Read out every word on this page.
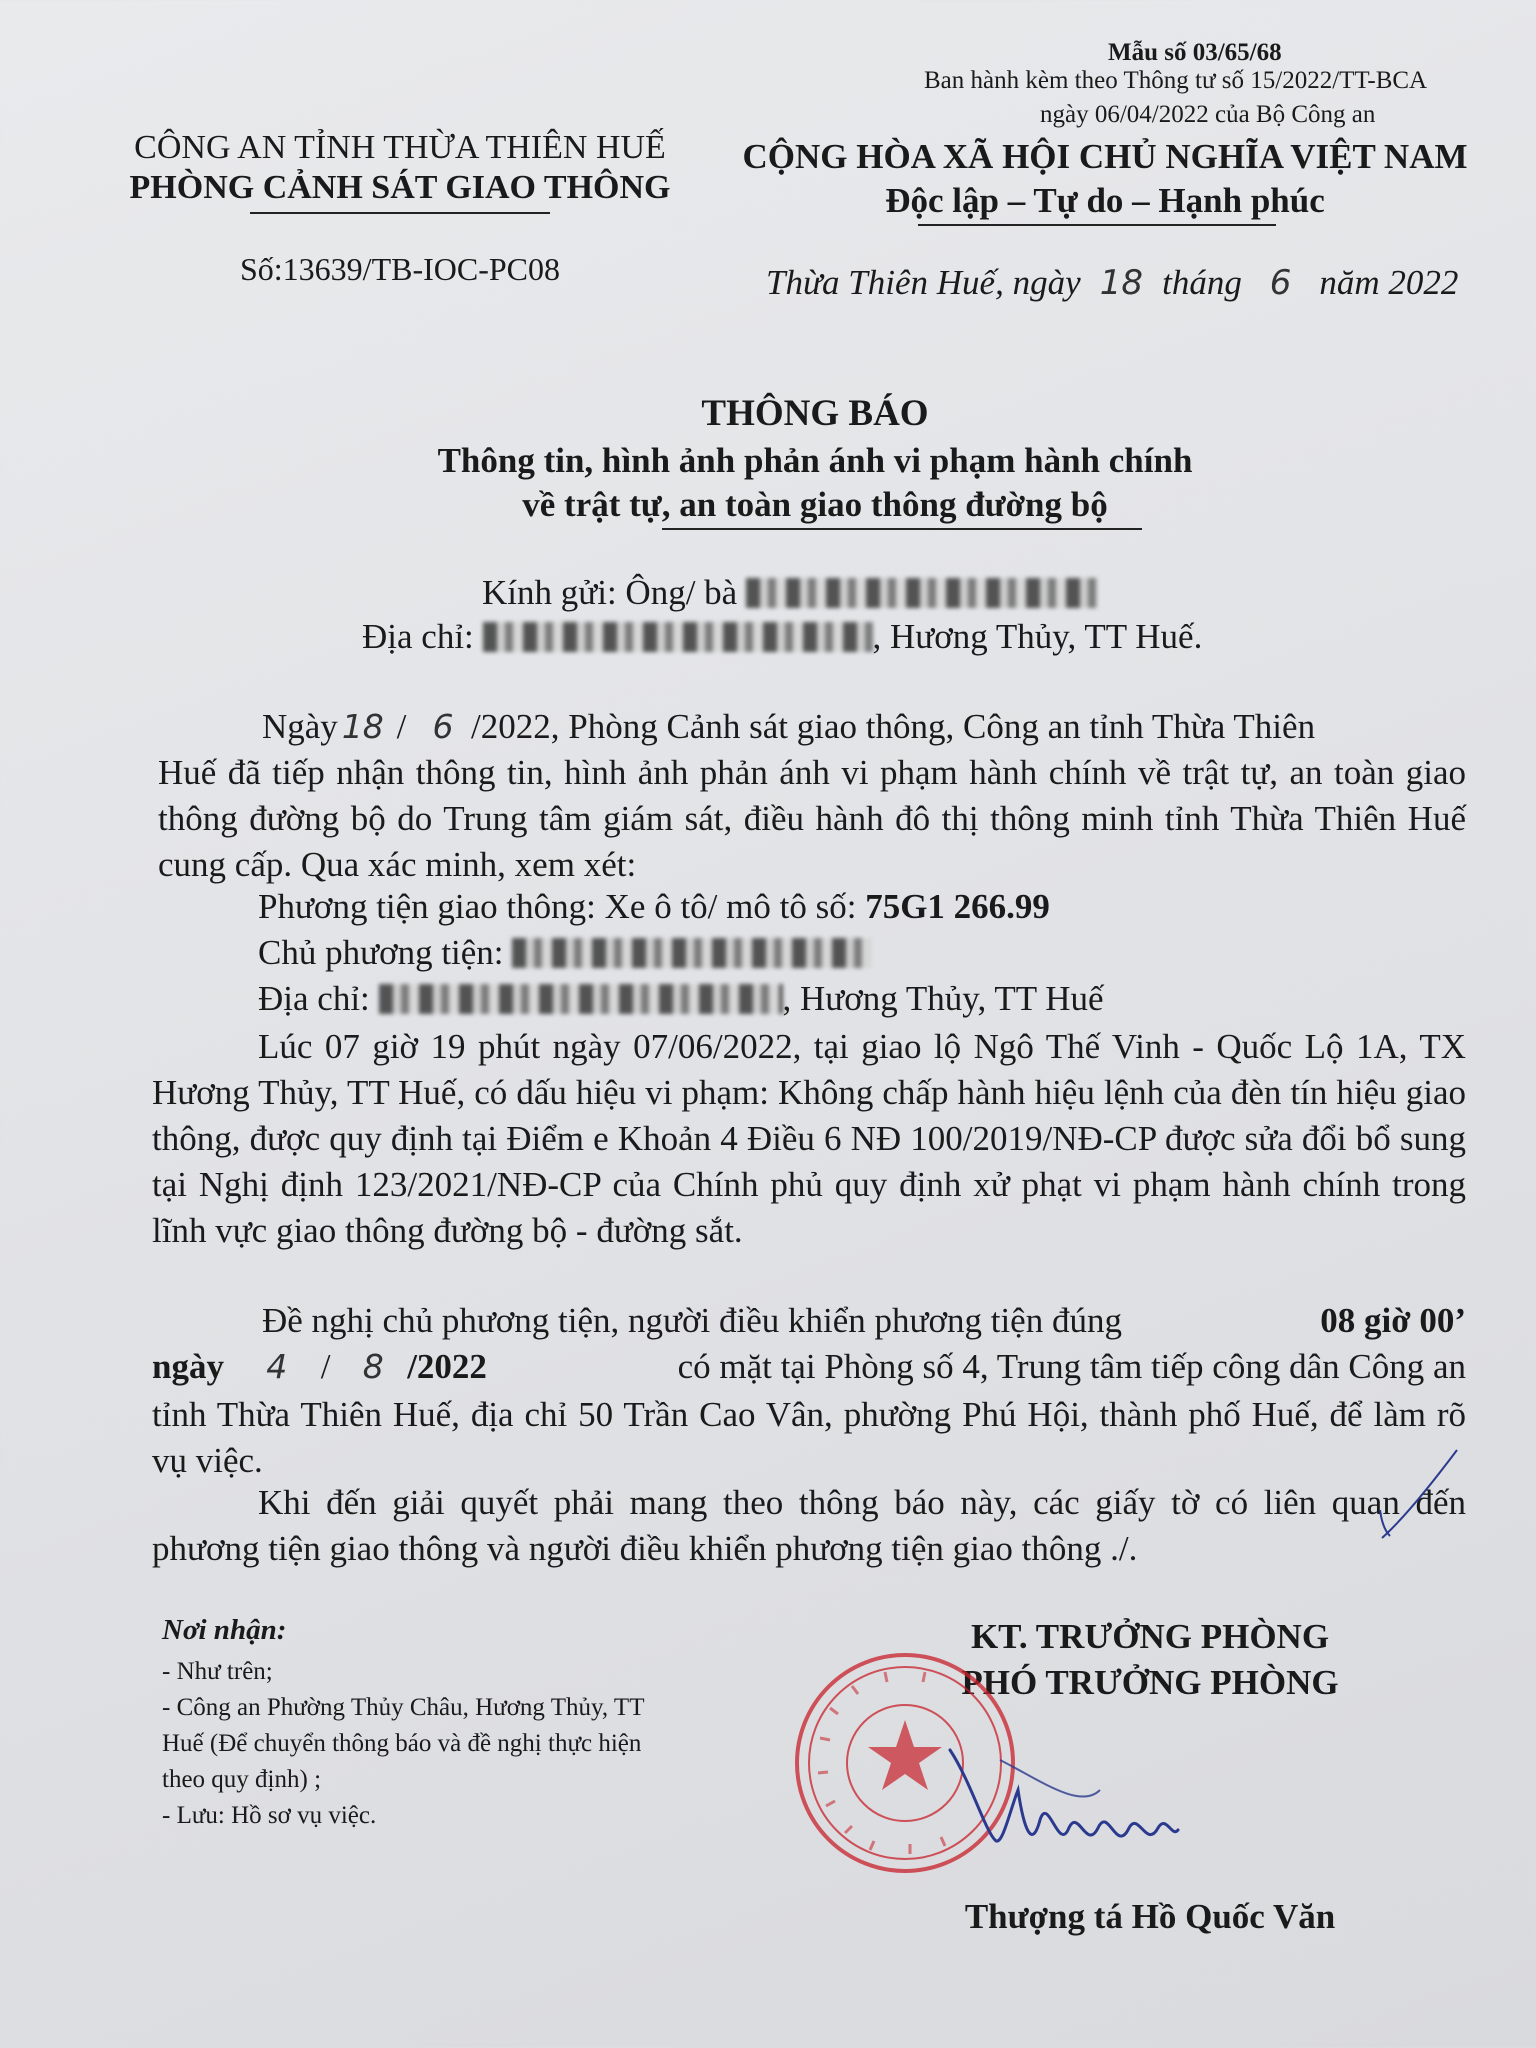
Mẫu số 03/65/68
Ban hành kèm theo Thông tư số 15/2022/TT-BCA
ngày 06/04/2022 của Bộ Công an
CÔNG AN TỈNH THỪA THIÊN HUẾ
PHÒNG CẢNH SÁT GIAO THÔNG
Số:13639/TB-IOC-PC08
CỘNG HÒA XÃ HỘI CHỦ NGHĨA VIỆT NAM
Độc lập – Tự do – Hạnh phúc
Thừa Thiên Huế, ngày 18 tháng 6 năm 2022
THÔNG BÁO
Thông tin, hình ảnh phản ánh vi phạm hành chính
về trật tự, an toàn giao thông đường bộ
Kính gửi: Ông/ bà
Địa chỉ:	, Hương Thủy, TT Huế.
Ngày 18 / 6 /2022, Phòng Cảnh sát giao thông, Công an tỉnh Thừa Thiên
Huế đã tiếp nhận thông tin, hình ảnh phản ánh vi phạm hành chính về trật tự, an toàn giao thông đường bộ do Trung tâm giám sát, điều hành đô thị thông minh tỉnh Thừa Thiên Huế cung cấp. Qua xác minh, xem xét:
Phương tiện giao thông: Xe ô tô/ mô tô số: 75G1 266.99
Chủ phương tiện:
Địa chỉ:	, Hương Thủy, TT Huế
Lúc 07 giờ 19 phút ngày 07/06/2022, tại giao lộ Ngô Thế Vinh - Quốc Lộ 1A, TX Hương Thủy, TT Huế, có dấu hiệu vi phạm: Không chấp hành hiệu lệnh của đèn tín hiệu giao thông, được quy định tại Điểm e Khoản 4 Điều 6 NĐ 100/2019/NĐ-CP được sửa đổi bổ sung tại Nghị định 123/2021/NĐ-CP của Chính phủ quy định xử phạt vi phạm hành chính trong lĩnh vực giao thông đường bộ - đường sắt.
Đề nghị chủ phương tiện, người điều khiển phương tiện đúng	08 giờ 00’
ngày 4 / 8 /2022	có mặt tại Phòng số 4, Trung tâm tiếp công dân Công an
tỉnh Thừa Thiên Huế, địa chỉ 50 Trần Cao Vân, phường Phú Hội, thành phố Huế, để làm rõ vụ việc.
Khi đến giải quyết phải mang theo thông báo này, các giấy tờ có liên quan đến phương tiện giao thông và người điều khiển phương tiện giao thông ./.
Nơi nhận:
- Như trên;
- Công an Phường Thủy Châu, Hương Thủy, TT
Huế (Để chuyển thông báo và đề nghị thực hiện
theo quy định) ;
- Lưu: Hồ sơ vụ việc.
KT. TRƯỞNG PHÒNG
PHÓ TRƯỞNG PHÒNG
Thượng tá Hồ Quốc Văn
